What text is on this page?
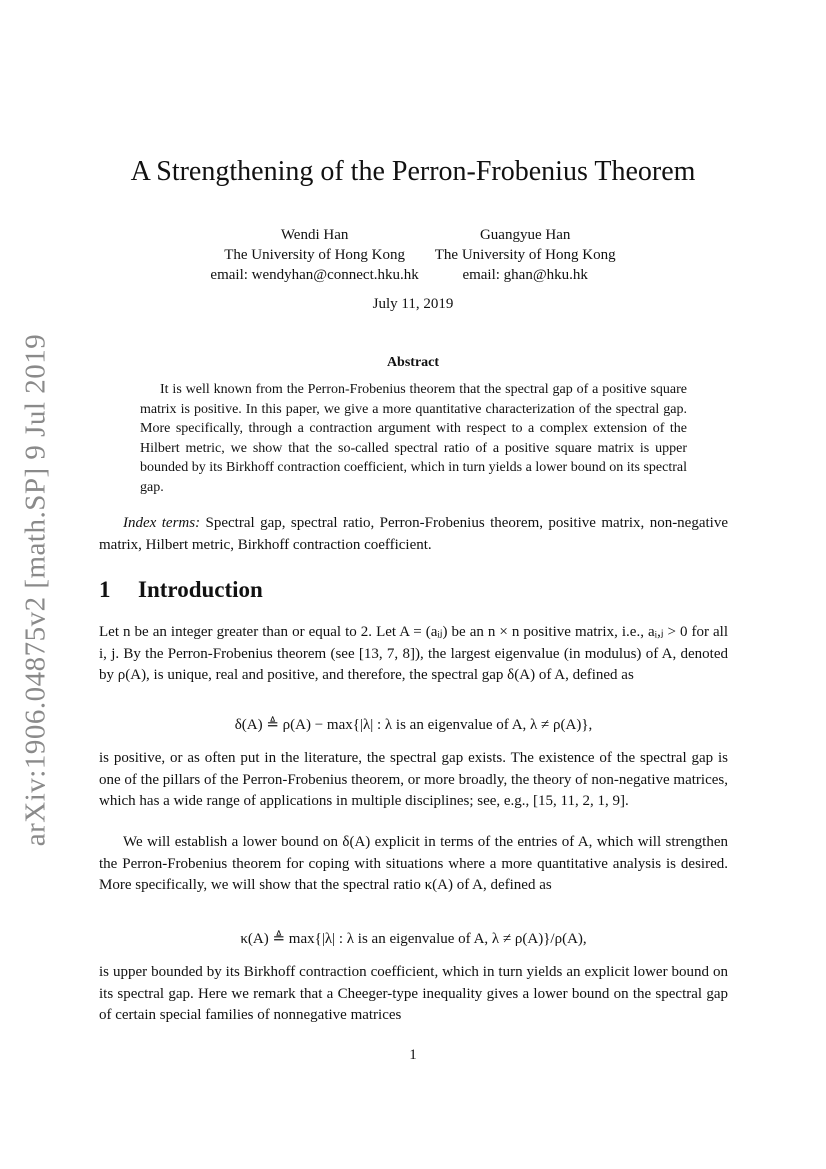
arXiv:1906.04875v2 [math.SP] 9 Jul 2019
A Strengthening of the Perron-Frobenius Theorem
Wendi Han
The University of Hong Kong
email: wendyhan@connect.hku.hk
Guangyue Han
The University of Hong Kong
email: ghan@hku.hk
July 11, 2019
Abstract
It is well known from the Perron-Frobenius theorem that the spectral gap of a positive square matrix is positive. In this paper, we give a more quantitative characterization of the spectral gap. More specifically, through a contraction argument with respect to a complex extension of the Hilbert metric, we show that the so-called spectral ratio of a positive square matrix is upper bounded by its Birkhoff contraction coefficient, which in turn yields a lower bound on its spectral gap.
Index terms: Spectral gap, spectral ratio, Perron-Frobenius theorem, positive matrix, non-negative matrix, Hilbert metric, Birkhoff contraction coefficient.
1 Introduction
Let n be an integer greater than or equal to 2. Let A = (aᵢⱼ) be an n × n positive matrix, i.e., aᵢ,ⱼ > 0 for all i, j. By the Perron-Frobenius theorem (see [13, 7, 8]), the largest eigenvalue (in modulus) of A, denoted by ρ(A), is unique, real and positive, and therefore, the spectral gap δ(A) of A, defined as
δ(A) ≜ ρ(A) − max{|λ| : λ is an eigenvalue of A, λ ≠ ρ(A)},
is positive, or as often put in the literature, the spectral gap exists. The existence of the spectral gap is one of the pillars of the Perron-Frobenius theorem, or more broadly, the theory of non-negative matrices, which has a wide range of applications in multiple disciplines; see, e.g., [15, 11, 2, 1, 9].
We will establish a lower bound on δ(A) explicit in terms of the entries of A, which will strengthen the Perron-Frobenius theorem for coping with situations where a more quantitative analysis is desired. More specifically, we will show that the spectral ratio κ(A) of A, defined as
κ(A) ≜ max{|λ| : λ is an eigenvalue of A, λ ≠ ρ(A)}/ρ(A),
is upper bounded by its Birkhoff contraction coefficient, which in turn yields an explicit lower bound on its spectral gap. Here we remark that a Cheeger-type inequality gives a lower bound on the spectral gap of certain special families of nonnegative matrices
1
